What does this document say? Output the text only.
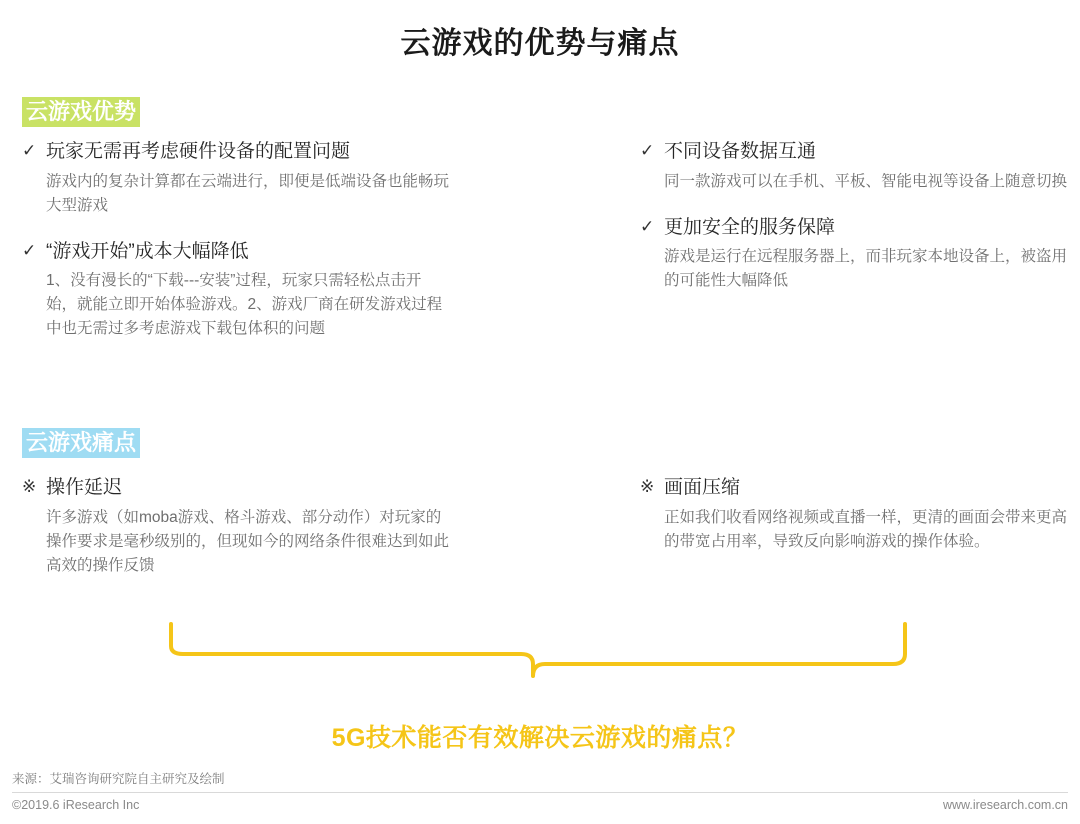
云游戏的优势与痛点
云游戏优势
✓ 玩家无需再考虑硬件设备的配置问题
游戏内的复杂计算都在云端进行，即便是低端设备也能畅玩大型游戏
✓ “游戏开始”成本大幅降低
1、没有漫长的“下载---安装”过程，玩家只需轻松点击开始，就能立即开始体验游戏。2、游戏厂商在研发游戏过程中也无需过多考虑游戏下载包体积的问题
✓ 不同设备数据互通
同一款游戏可以在手机、平板、智能电视等设备上随意切换
✓ 更加安全的服务保障
游戏是运行在远程服务器上，而非玩家本地设备上，被盗用的可能性大幅降低
云游戏痛点
※ 操作延迟
许多游戏（如moba游戏、格斗游戏、部分动作）对玩家的操作要求是毫秒级别的，但现如今的网络条件很难达到如此高效的操作反馈
※ 画面压缩
正如我们收看网络视频或直播一样，更清的画面会带来更高的带宽占用率，导致反向影响游戏的操作体验。
5G技术能否有效解决云游戏的痛点？
来源：艾瑞咨询研究院自主研究及绘制
©2019.6 iResearch Inc	www.iresearch.com.cn
